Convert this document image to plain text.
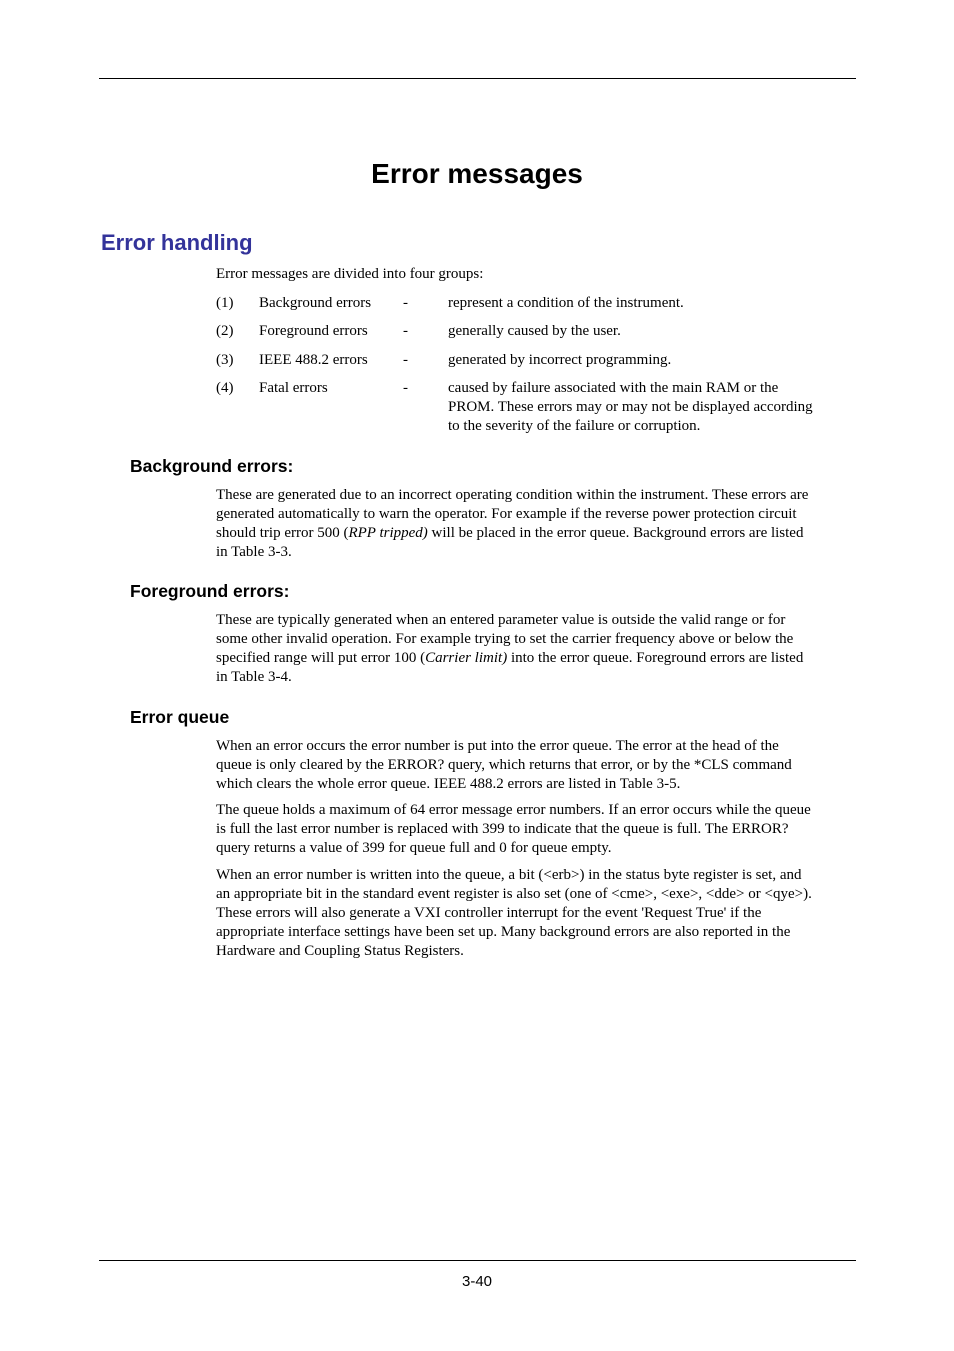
Error messages
Error handling

Error messages are divided into four groups:

(1) Background errors -	represent a condition of the instrument.
(2) Foreground errors -	generally caused by the user.
(3) IEEE 488.2 errors -	generated by incorrect programming.
(4) Fatal errors	-	caused by failure associated with the main RAM or the
PROM. These errors may or may not be displayed according
to the severity of the failure or corruption.
Background errors:

These are generated due to an incorrect operating condition within the instrument. These errors are
generated automatically to warn the operator. For example if the reverse power protection circuit
should trip error 500 (RPP tripped) will be placed in the error queue. Background errors are listed
in Table 3-3.

Foreground errors:

These are typically generated when an entered parameter value is outside the valid range or for
some other invalid operation. For example trying to set the carrier frequency above or below the
specified range will put error 100 (Carrier limit) into the error queue. Foreground errors are listed
in Table 3-4.

Error queue

When an error occurs the error number is put into the error queue. The error at the head of the
queue is only cleared by the ERROR? query, which returns that error, or by the *CLS command
which clears the whole error queue. IEEE 488.2 errors are listed in Table 3-5.

The queue holds a maximum of 64 error message error numbers. If an error occurs while the queue
is full the last error number is replaced with 399 to indicate that the queue is full. The ERROR?
query returns a value of 399 for queue full and 0 for queue empty.

When an error number is written into the queue, a bit (<erb>) in the status byte register is set, and
an appropriate bit in the standard event register is also set (one of <cme>, <exe>, <dde> or <qye>).
These errors will also generate a VXI controller interrupt for the event 'Request True' if the
appropriate interface settings have been set up. Many background errors are also reported in the
Hardware and Coupling Status Registers.

3-40
